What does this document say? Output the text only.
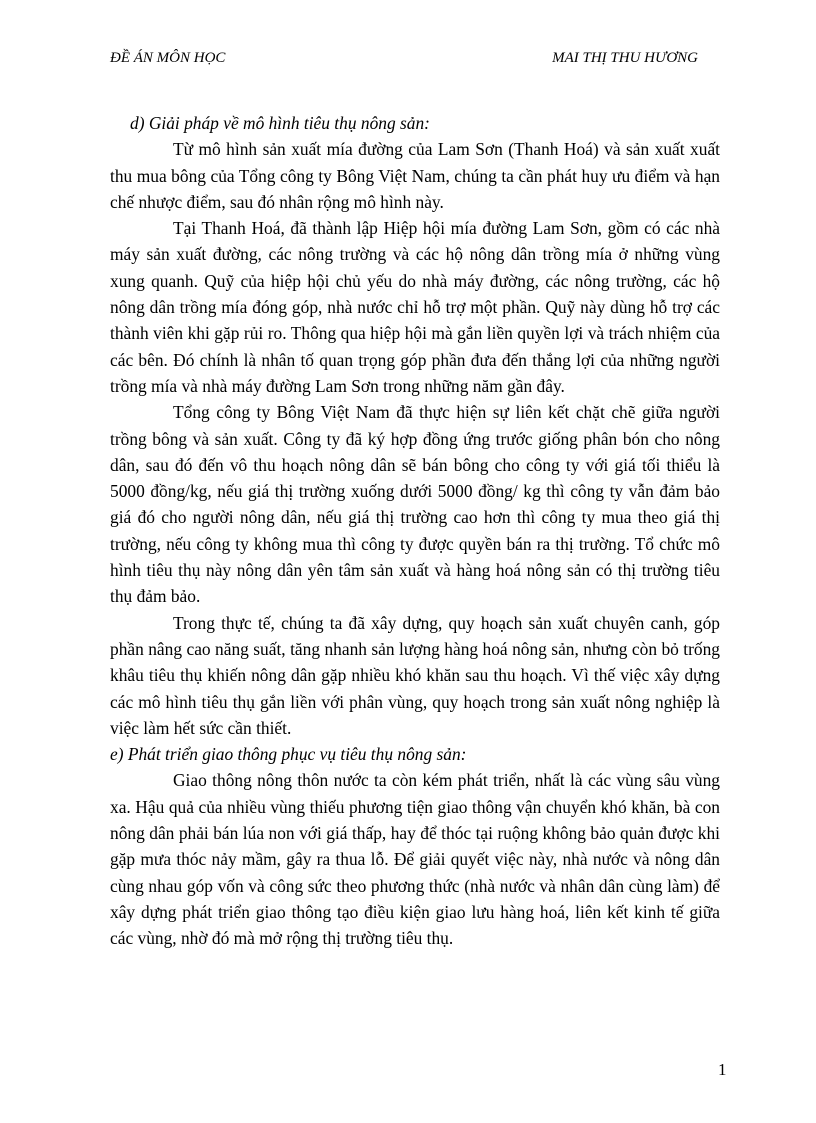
ĐỀ ÁN MÔN HỌC	MAI THỊ THU HƯƠNG

d) Giải pháp về mô hình tiêu thụ nông sản:

Từ mô hình sản xuất mía đường của Lam Sơn (Thanh Hoá) và sản xuất xuất thu mua bông của Tổng công ty Bông Việt Nam, chúng ta cần phát huy ưu điểm và hạn chế nhược điểm, sau đó nhân rộng mô hình này.

Tại Thanh Hoá, đã thành lập Hiệp hội mía đường Lam Sơn, gồm có các nhà máy sản xuất đường, các nông trường và các hộ nông dân trồng mía ở những vùng xung quanh. Quỹ của hiệp hội chủ yếu do nhà máy đường, các nông trường, các hộ nông dân trồng mía đóng góp, nhà nước chỉ hỗ trợ một phần. Quỹ này dùng hỗ trợ các thành viên khi gặp rủi ro. Thông qua hiệp hội mà gắn liền quyền lợi và trách nhiệm của các bên. Đó chính là nhân tố quan trọng góp phần đưa đến thắng lợi của những người trồng mía và nhà máy đường Lam Sơn trong những năm gần đây.

Tổng công ty Bông Việt Nam đã thực hiện sự liên kết chặt chẽ giữa người trồng bông và sản xuất. Công ty đã ký hợp đồng ứng trước giống phân bón cho nông dân, sau đó đến vô thu hoạch nông dân sẽ bán bông cho công ty với giá tối thiểu là 5000 đồng/kg, nếu giá thị trường xuống dưới 5000 đồng/ kg thì công ty vẫn đảm bảo giá đó cho người nông dân, nếu giá thị trường cao hơn thì công ty mua theo giá thị trường, nếu công ty không mua thì công ty được quyền bán ra thị trường. Tổ chức mô hình tiêu thụ này nông dân yên tâm sản xuất và hàng hoá nông sản có thị trường tiêu thụ đảm bảo.

Trong thực tế, chúng ta đã xây dựng, quy hoạch sản xuất chuyên canh, góp phần nâng cao năng suất, tăng nhanh sản lượng hàng hoá nông sản, nhưng còn bỏ trống khâu tiêu thụ khiến nông dân gặp nhiều khó khăn sau thu hoạch. Vì thế việc xây dựng các mô hình tiêu thụ gắn liền với phân vùng, quy hoạch trong sản xuất nông nghiệp là việc làm hết sức cần thiết.

e) Phát triển giao thông phục vụ tiêu thụ nông sản:

Giao thông nông thôn nước ta còn kém phát triển, nhất là các vùng sâu vùng xa. Hậu quả của nhiều vùng thiếu phương tiện giao thông vận chuyển khó khăn, bà con nông dân phải bán lúa non với giá thấp, hay để thóc tại ruộng không bảo quản được khi gặp mưa thóc nảy mầm, gây ra thua lỗ. Để giải quyết việc này, nhà nước và nông dân cùng nhau góp vốn và công sức theo phương thức (nhà nước và nhân dân cùng làm) để xây dựng phát triển giao thông tạo điều kiện giao lưu hàng hoá, liên kết kinh tế giữa các vùng, nhờ đó mà mở rộng thị trường tiêu thụ.

1
